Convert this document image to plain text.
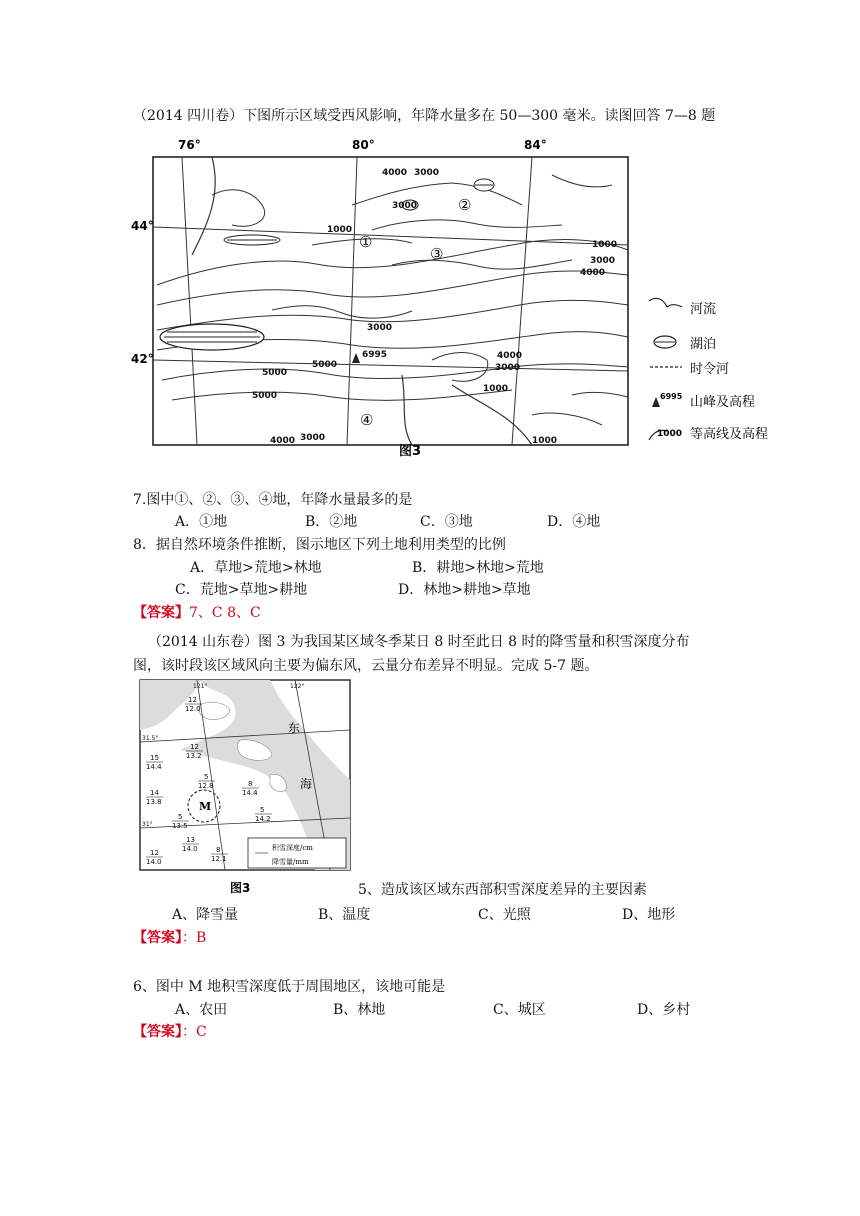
（2014 四川卷）下图所示区域受西风影响，年降水量多在 50—300 毫米。读图回答 7—8 题
76°	80°	84°
44°
42°
4000 3000
3000
1000
1000
3000
4000
3000
4000
3000
1000
5000
5000
5000
4000 3000	1000
6995
①
②
③
④
图3
河流
湖泊
时令河
6995 山峰及高程
1000 等高线及高程
7.图中①、②、③、④地，年降水量最多的是
A．①地	B．②地	C．③地	D．④地
8．据自然环境条件推断，图示地区下列土地利用类型的比例
A．草地>荒地>林地	B．耕地>林地>荒地
C．荒地>草地>耕地	D．林地>耕地>草地
【答案】7、C 8、C
（2014 山东卷）图 3 为我国某区域冬季某日 8 时至此日 8 时的降雪量和积雪深度分布
图，该时段该区域风向主要为偏东风，云量分布差异不明显。完成 5-7 题。
121°	122°
31.5°
31°
东
海
M
12
12.0
12
13.2
15
14.4
5
12.8	8
14.4
14
13.8
5
14.2
5
13.5
13
14.0
12
14.0
8
12.1
积雪深度/cm
降雪量/mm
图3	5、造成该区域东西部积雪深度差异的主要因素
A、降雪量	B、温度	C、光照	D、地形
【答案】：B
6、图中 M 地积雪深度低于周围地区，该地可能是
A、农田	B、林地	C、城区	D、乡村
【答案】：C
